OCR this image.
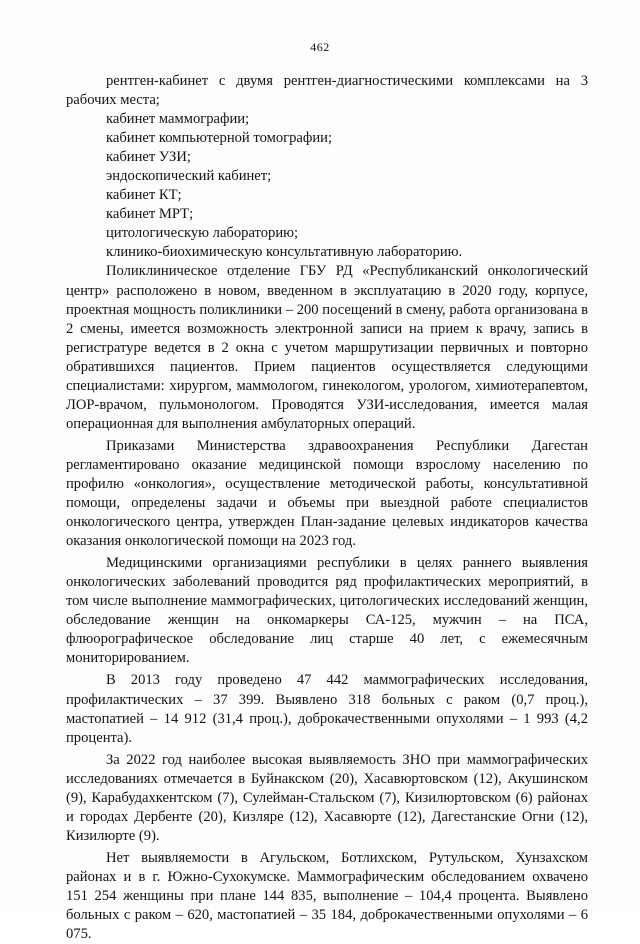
462

рентген-кабинет с двумя рентген-диагностическими комплексами на 3 рабочих места;

кабинет маммографии;

кабинет компьютерной томографии;

кабинет УЗИ;

эндоскопический кабинет;

кабинет КТ;

кабинет МРТ;

цитологическую лабораторию;

клинико-биохимическую консультативную лабораторию.

Поликлиническое отделение ГБУ РД «Республиканский онкологический центр» расположено в новом, введенном в эксплуатацию в 2020 году, корпусе, проектная мощность поликлиники – 200 посещений в смену, работа организована в 2 смены, имеется возможность электронной записи на прием к врачу, запись в регистратуре ведется в 2 окна с учетом маршрутизации первичных и повторно обратившихся пациентов. Прием пациентов осуществляется следующими специалистами: хирургом, маммологом, гинекологом, урологом, химиотерапевтом, ЛОР-врачом, пульмонологом. Проводятся УЗИ-исследования, имеется малая операционная для выполнения амбулаторных операций.

Приказами Министерства здравоохранения Республики Дагестан регламентировано оказание медицинской помощи взрослому населению по профилю «онкология», осуществление методической работы, консультативной помощи, определены задачи и объемы при выездной работе специалистов онкологического центра, утвержден План-задание целевых индикаторов качества оказания онкологической помощи на 2023 год.

Медицинскими организациями республики в целях раннего выявления онкологических заболеваний проводится ряд профилактических мероприятий, в том числе выполнение маммографических, цитологических исследований женщин, обследование женщин на онкомаркеры СА-125, мужчин – на ПСА, флюорографическое обследование лиц старше 40 лет, с ежемесячным мониторированием.

В 2013 году проведено 47 442 маммографических исследования, профилактических – 37 399. Выявлено 318 больных с раком (0,7 проц.), мастопатией – 14 912 (31,4 проц.), доброкачественными опухолями – 1 993 (4,2 процента).

За 2022 год наиболее высокая выявляемость ЗНО при маммографических исследованиях отмечается в Буйнакском (20), Хасавюртовском (12), Акушинском (9), Карабудахкентском (7), Сулейман-Стальском (7), Кизилюртовском (6) районах и городах Дербенте (20), Кизляре (12), Хасавюрте (12), Дагестанские Огни (12), Кизилюрте (9).

Нет выявляемости в Агульском, Ботлихском, Рутульском, Хунзахском районах и в г. Южно-Сухокумске. Маммографическим обследованием охвачено 151 254 женщины при плане 144 835, выполнение – 104,4 процента. Выявлено больных с раком – 620, мастопатией – 35 184, доброкачественными опухолями – 6 075.
